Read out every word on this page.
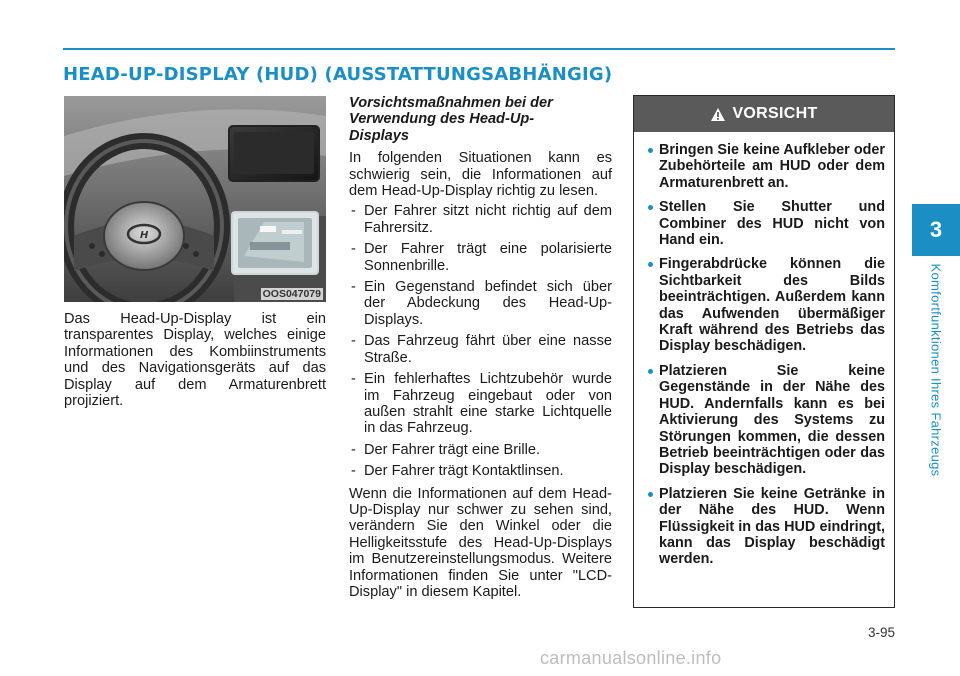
HEAD-UP-DISPLAY (HUD) (AUSSTATTUNGSABHÄNGIG)
H
OOS047079

Das Head-Up-Display ist ein transparentes Display, welches einige Informationen des Kombiinstruments und des Navigationsgeräts auf das Display auf dem Armaturenbrett projiziert.

Vorsichtsmaßnahmen bei der Verwendung des Head-Up-Displays

In folgenden Situationen kann es schwierig sein, die Informationen auf dem Head-Up-Display richtig zu lesen.

- Der Fahrer sitzt nicht richtig auf dem Fahrersitz.
- Der Fahrer trägt eine polarisierte Sonnenbrille.
- Ein Gegenstand befindet sich über der Abdeckung des Head-Up-Displays.
- Das Fahrzeug fährt über eine nasse Straße.
- Ein fehlerhaftes Lichtzubehör wurde im Fahrzeug eingebaut oder von außen strahlt eine starke Lichtquelle in das Fahrzeug.
- Der Fahrer trägt eine Brille.
- Der Fahrer trägt Kontaktlinsen.

Wenn die Informationen auf dem Head-Up-Display nur schwer zu sehen sind, verändern Sie den Winkel oder die Helligkeitsstufe des Head-Up-Displays im Benutzereinstellungsmodus. Weitere Informationen finden Sie unter "LCD-Display" in diesem Kapitel.

VORSICHT
Bringen Sie keine Aufkleber oder Zubehörteile am HUD oder dem Armaturenbrett an.
Stellen Sie Shutter und Combiner des HUD nicht von Hand ein.
Fingerabdrücke können die Sichtbarkeit des Bilds beeinträchtigen. Außerdem kann das Aufwenden übermäßiger Kraft während des Betriebs das Display beschädigen.
Platzieren Sie keine Gegenstände in der Nähe des HUD. Andernfalls kann es bei Aktivierung des Systems zu Störungen kommen, die dessen Betrieb beeinträchtigen oder das Display beschädigen.
Platzieren Sie keine Getränke in der Nähe des HUD. Wenn Flüssigkeit in das HUD eindringt, kann das Display beschädigt werden.
3
Komfortfunktionen Ihres Fahrzeugs
3-95
carmanualsonline.info
